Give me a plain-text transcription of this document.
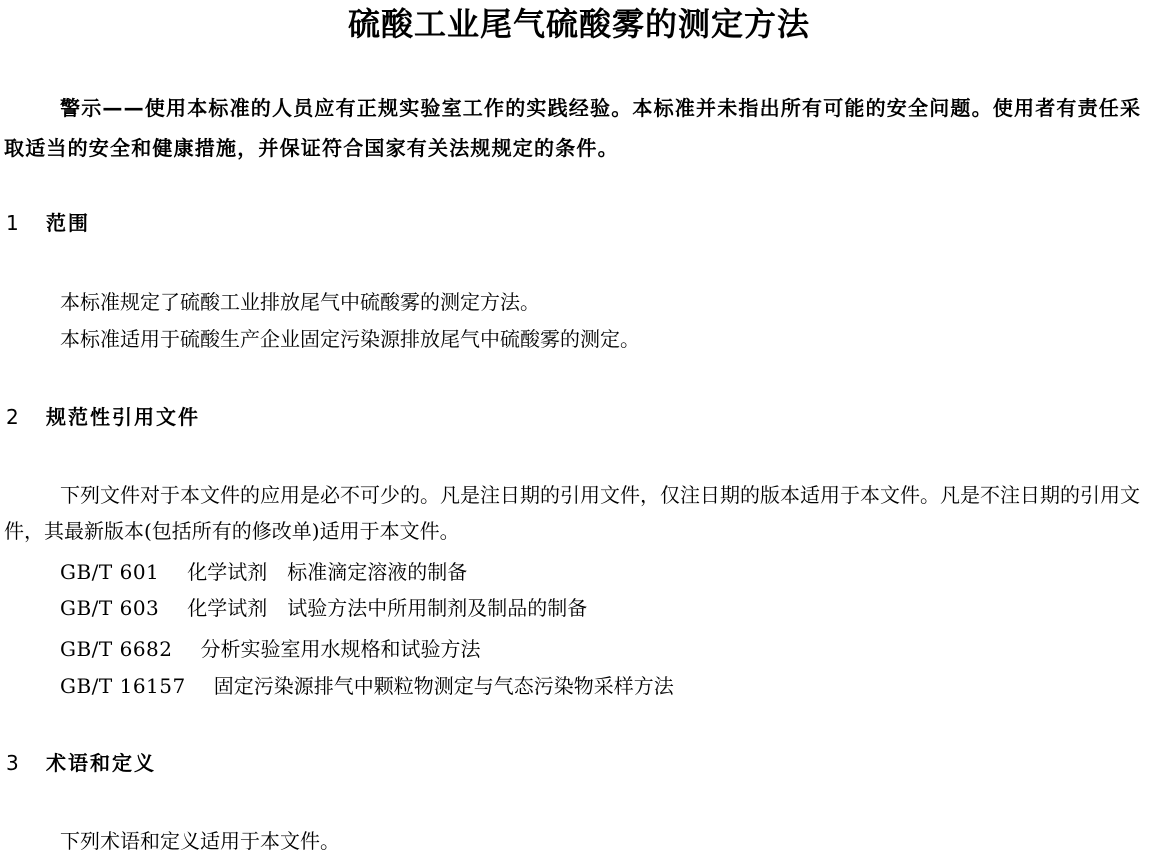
硫酸工业尾气硫酸雾的测定方法
警示——使用本标准的人员应有正规实验室工作的实践经验。本标准并未指出所有可能的安全问题。使用者有责任采取适当的安全和健康措施，并保证符合国家有关法规规定的条件。
1 范围
本标准规定了硫酸工业排放尾气中硫酸雾的测定方法。
本标准适用于硫酸生产企业固定污染源排放尾气中硫酸雾的测定。
2 规范性引用文件
下列文件对于本文件的应用是必不可少的。凡是注日期的引用文件，仅注日期的版本适用于本文件。凡是不注日期的引用文件，其最新版本(包括所有的修改单)适用于本文件。
GB/T 601 化学试剂　标准滴定溶液的制备
GB/T 603 化学试剂　试验方法中所用制剂及制品的制备
GB/T 6682 分析实验室用水规格和试验方法
GB/T 16157 固定污染源排气中颗粒物测定与气态污染物采样方法
3 术语和定义
下列术语和定义适用于本文件。
